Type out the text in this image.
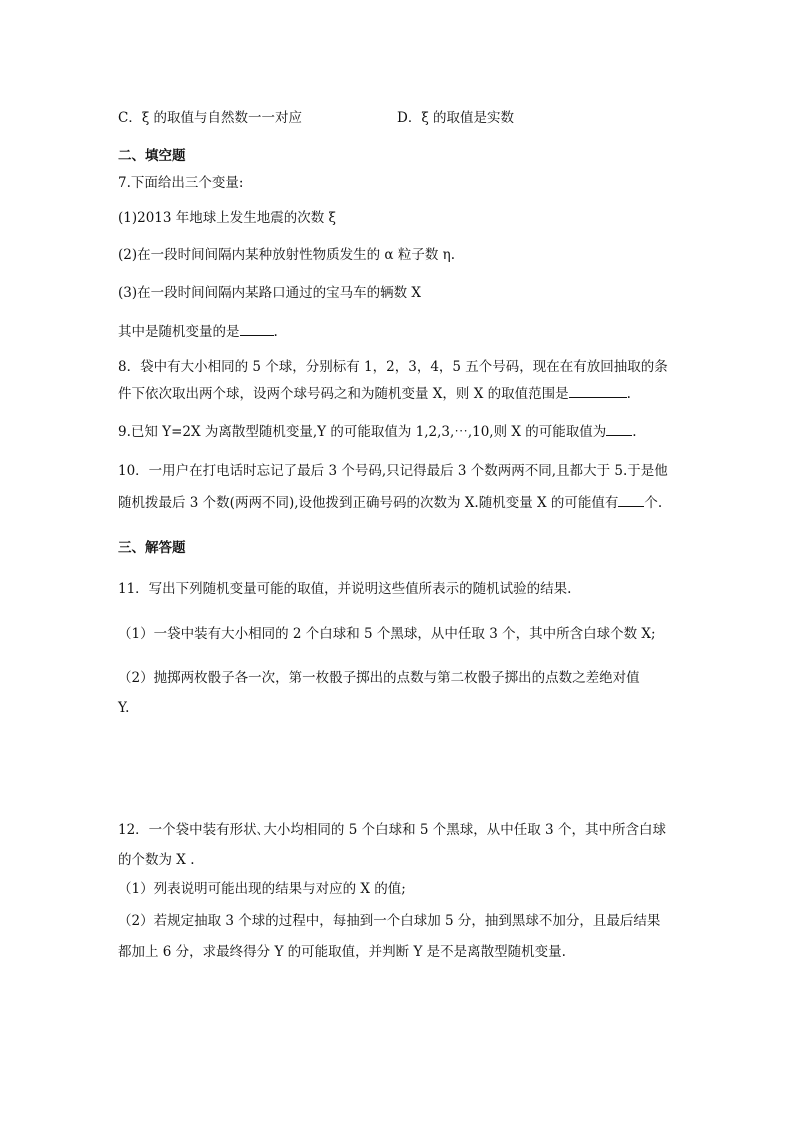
C．ξ 的取值与自然数一一对应	D．ξ 的取值是实数
二、填空题
7.下面给出三个变量:
(1)2013 年地球上发生地震的次数 ξ
(2)在一段时间间隔内某种放射性物质发生的 α 粒子数 η.
(3)在一段时间间隔内某路口通过的宝马车的辆数 X
其中是随机变量的是	.
8．袋中有大小相同的 5 个球，分别标有 1，2，3，4，5 五个号码，现在在有放回抽取的条
件下依次取出两个球，设两个球号码之和为随机变量 X，则 X 的取值范围是	.
9.已知 Y=2X 为离散型随机变量,Y 的可能取值为 1,2,3,⋯,10,则 X 的可能取值为 .
10．一用户在打电话时忘记了最后 3 个号码,只记得最后 3 个数两两不同,且都大于 5.于是他
随机拨最后 3 个数(两两不同),设他拨到正确号码的次数为 X.随机变量 X 的可能值有 个.
三、解答题
11．写出下列随机变量可能的取值，并说明这些值所表示的随机试验的结果.
（1）一袋中装有大小相同的 2 个白球和 5 个黑球，从中任取 3 个，其中所含白球个数 X;
（2）抛掷两枚骰子各一次，第一枚骰子掷出的点数与第二枚骰子掷出的点数之差绝对值
Y.
12．一个袋中装有形状､大小均相同的 5 个白球和 5 个黑球，从中任取 3 个，其中所含白球
的个数为 X .
（1）列表说明可能出现的结果与对应的 X 的值;
（2）若规定抽取 3 个球的过程中，每抽到一个白球加 5 分，抽到黑球不加分，且最后结果
都加上 6 分，求最终得分 Y 的可能取值，并判断 Y 是不是离散型随机变量.
